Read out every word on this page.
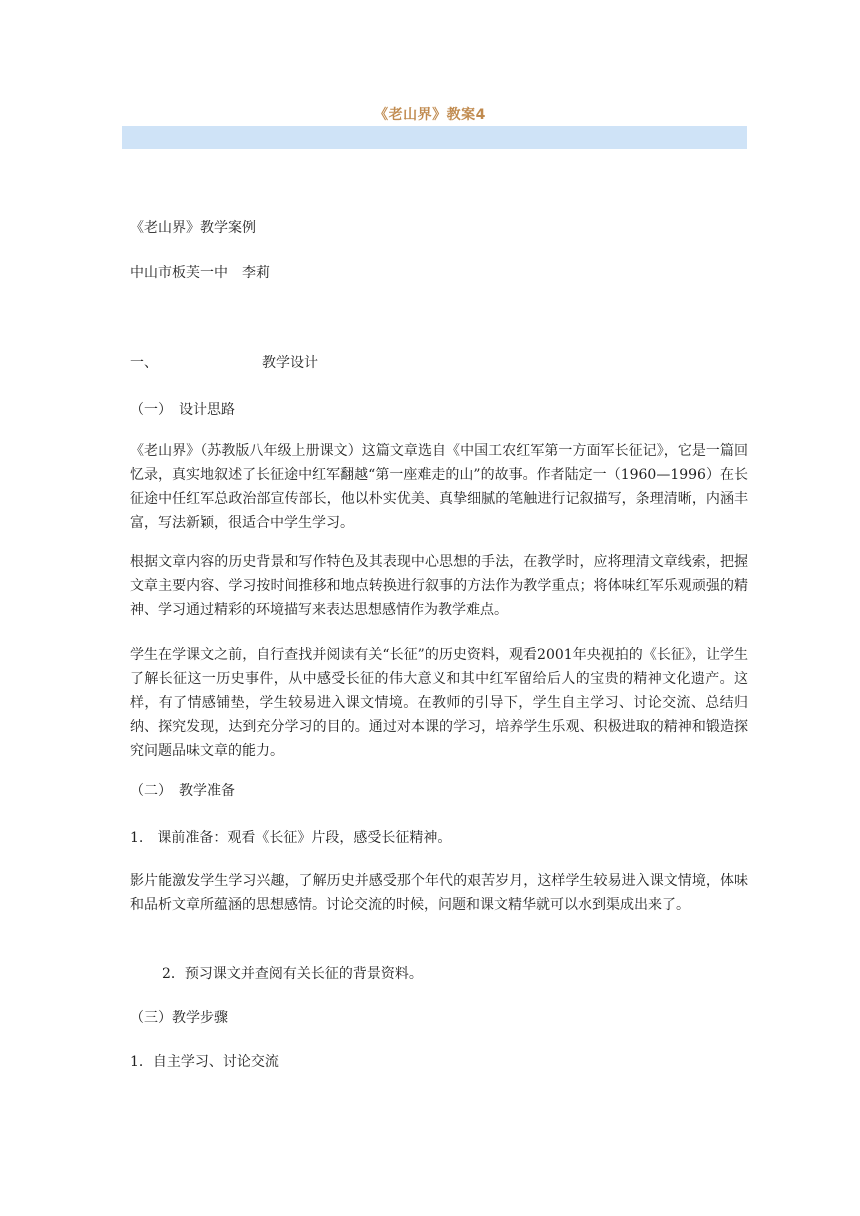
《老山界》教案4

《老山界》教学案例

中山市板芙一中　李莉

一、	教学设计

（一）　设计思路

《老山界》（苏教版八年级上册课文）这篇文章选自《中国工农红军第一方面军长征记》，它是一篇回忆录，真实地叙述了长征途中红军翻越“第一座难走的山”的故事。作者陆定一（1960—1996）在长征途中任红军总政治部宣传部长，他以朴实优美、真挚细腻的笔触进行记叙描写，条理清晰，内涵丰富，写法新颖，很适合中学生学习。

根据文章内容的历史背景和写作特色及其表现中心思想的手法，在教学时，应将理清文章线索，把握文章主要内容、学习按时间推移和地点转换进行叙事的方法作为教学重点；将体味红军乐观顽强的精神、学习通过精彩的环境描写来表达思想感情作为教学难点。

学生在学课文之前，自行查找并阅读有关“长征”的历史资料，观看2001年央视拍的《长征》，让学生了解长征这一历史事件，从中感受长征的伟大意义和其中红军留给后人的宝贵的精神文化遗产。这样，有了情感铺垫，学生较易进入课文情境。在教师的引导下，学生自主学习、讨论交流、总结归纳、探究发现，达到充分学习的目的。通过对本课的学习，培养学生乐观、积极进取的精神和锻造探究问题品味文章的能力。

（二）　教学准备

1.　课前准备：观看《长征》片段，感受长征精神。

影片能激发学生学习兴趣，了解历史并感受那个年代的艰苦岁月，这样学生较易进入课文情境，体味和品析文章所蕴涵的思想感情。讨论交流的时候，问题和课文精华就可以水到渠成出来了。

2．预习课文并查阅有关长征的背景资料。

（三）教学步骤

1．自主学习、讨论交流
